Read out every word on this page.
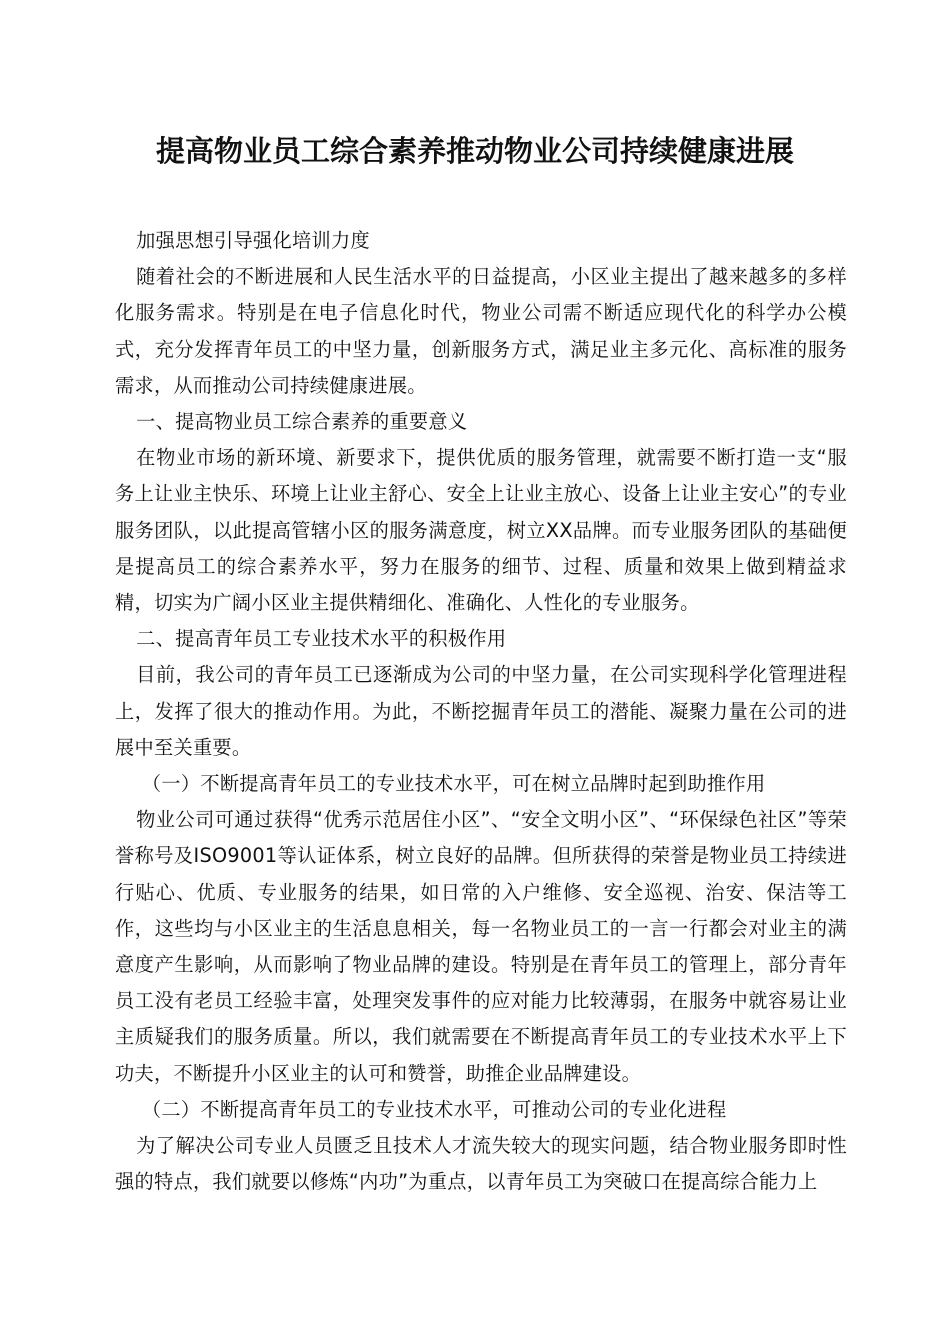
提高物业员工综合素养推动物业公司持续健康进展

加强思想引导强化培训力度

随着社会的不断进展和人民生活水平的日益提高，小区业主提出了越来越多的多样化服务需求。特别是在电子信息化时代，物业公司需不断适应现代化的科学办公模式，充分发挥青年员工的中坚力量，创新服务方式，满足业主多元化、高标准的服务需求，从而推动公司持续健康进展。

一、提高物业员工综合素养的重要意义

在物业市场的新环境、新要求下，提供优质的服务管理，就需要不断打造一支“服务上让业主快乐、环境上让业主舒心、安全上让业主放心、设备上让业主安心”的专业服务团队，以此提高管辖小区的服务满意度，树立XX品牌。而专业服务团队的基础便是提高员工的综合素养水平，努力在服务的细节、过程、质量和效果上做到精益求精，切实为广阔小区业主提供精细化、准确化、人性化的专业服务。

二、提高青年员工专业技术水平的积极作用

目前，我公司的青年员工已逐渐成为公司的中坚力量，在公司实现科学化管理进程上，发挥了很大的推动作用。为此，不断挖掘青年员工的潜能、凝聚力量在公司的进展中至关重要。

（一）不断提高青年员工的专业技术水平，可在树立品牌时起到助推作用

物业公司可通过获得“优秀示范居住小区”、“安全文明小区”、“环保绿色社区”等荣誉称号及ISO9001等认证体系，树立良好的品牌。但所获得的荣誉是物业员工持续进行贴心、优质、专业服务的结果，如日常的入户维修、安全巡视、治安、保洁等工作，这些均与小区业主的生活息息相关，每一名物业员工的一言一行都会对业主的满意度产生影响，从而影响了物业品牌的建设。特别是在青年员工的管理上，部分青年员工没有老员工经验丰富，处理突发事件的应对能力比较薄弱，在服务中就容易让业主质疑我们的服务质量。所以，我们就需要在不断提高青年员工的专业技术水平上下功夫，不断提升小区业主的认可和赞誉，助推企业品牌建设。

（二）不断提高青年员工的专业技术水平，可推动公司的专业化进程

为了解决公司专业人员匮乏且技术人才流失较大的现实问题，结合物业服务即时性强的特点，我们就要以修炼“内功”为重点，以青年员工为突破口在提高综合能力上
